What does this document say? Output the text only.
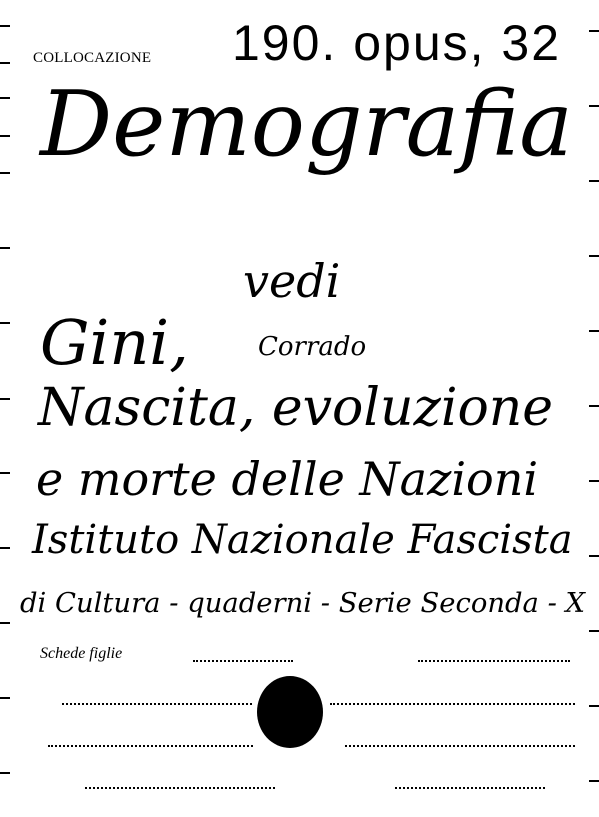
COLLOCAZIONE 190. opus, 32
Demografia
vedi
Gini,	Corrado
Nascita, evoluzione
e morte delle Nazioni
Istituto Nazionale Fascista
di Cultura - quaderni - Serie Seconda - X
Schede figlie
